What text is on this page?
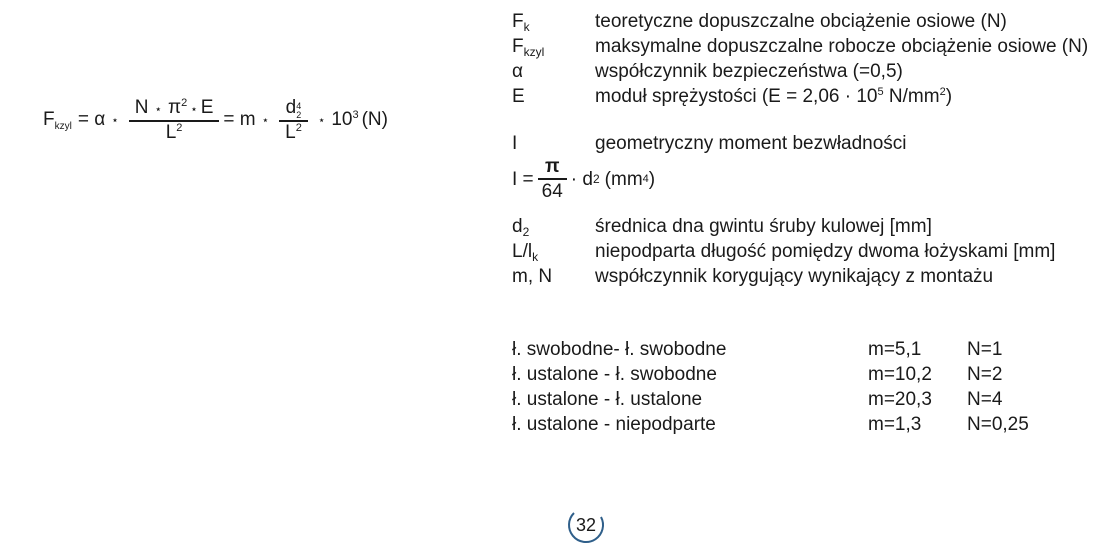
$F_{kzyl} = \alpha$ ⋆ $\frac{N ⋆ \pi^2 ⋆ E}{L^2} = m$ ⋆ d 4
2
$L^2$ ⋆ $10^3$ (N)
$F_k$	teoretyczne dopuszczalne obciążenie osiowe (N)
$F_{kzyl}$	maksymalne dopuszczalne robocze obciążenie osiowe (N)
α	współczynnik bezpieczeństwa (=0,5)
E	moduł sprężystości ($E = 2,06 \cdot 10^5$ $N/mm^2$)
I	geometryczny moment bezwładności
$I = \frac{\pi}{64} \cdot d$ 2 (mm 4 )
$d_2$	średnica dna gwintu śruby kulowej [mm]
$L/l_k$	niepodparta długość pomiędzy dwoma łożyskami [mm]
m, N	współczynnik korygujący wynikający z montażu
ł. swobodne- ł. swobodne	m=5,1	N=1
ł. ustalone - ł. swobodne	m=10,2	N=2
ł. ustalone - ł. ustalone	m=20,3	N=4
ł. ustalone - niepodparte	m=1,3	N=0,25
32
